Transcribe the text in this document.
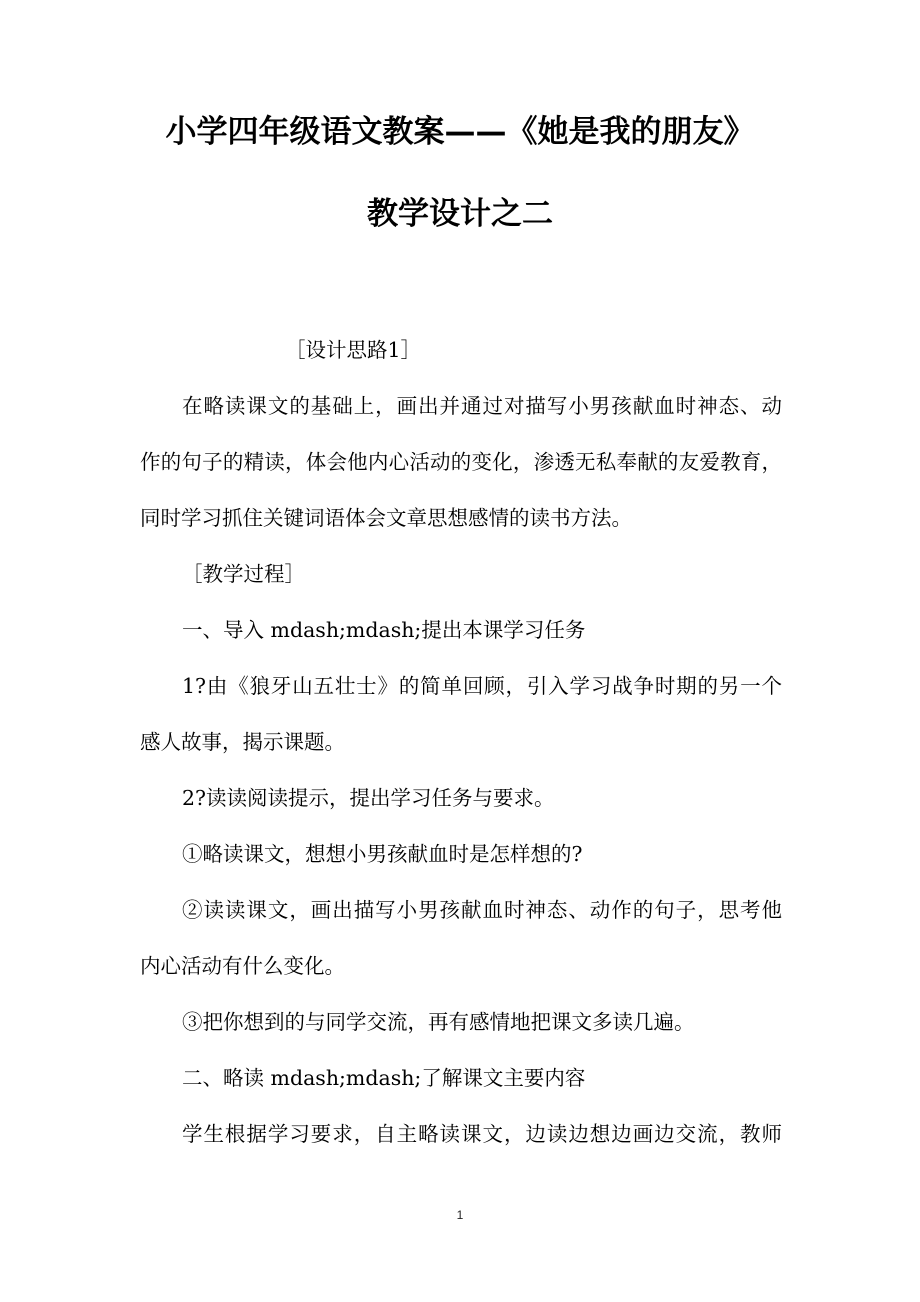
小学四年级语文教案——《她是我的朋友》
教学设计之二
［设计思路1］
在略读课文的基础上，画出并通过对描写小男孩献血时神态、动
作的句子的精读，体会他内心活动的变化，渗透无私奉献的友爱教育，
同时学习抓住关键词语体会文章思想感情的读书方法。
［教学过程］
一、导入 mdash;mdash;提出本课学习任务
1?由《狼牙山五壮士》的简单回顾，引入学习战争时期的另一个
感人故事，揭示课题。
2?读读阅读提示，提出学习任务与要求。
①略读课文，想想小男孩献血时是怎样想的?
②读读课文，画出描写小男孩献血时神态、动作的句子，思考他
内心活动有什么变化。
③把你想到的与同学交流，再有感情地把课文多读几遍。
二、略读 mdash;mdash;了解课文主要内容
学生根据学习要求，自主略读课文，边读边想边画边交流，教师
1
